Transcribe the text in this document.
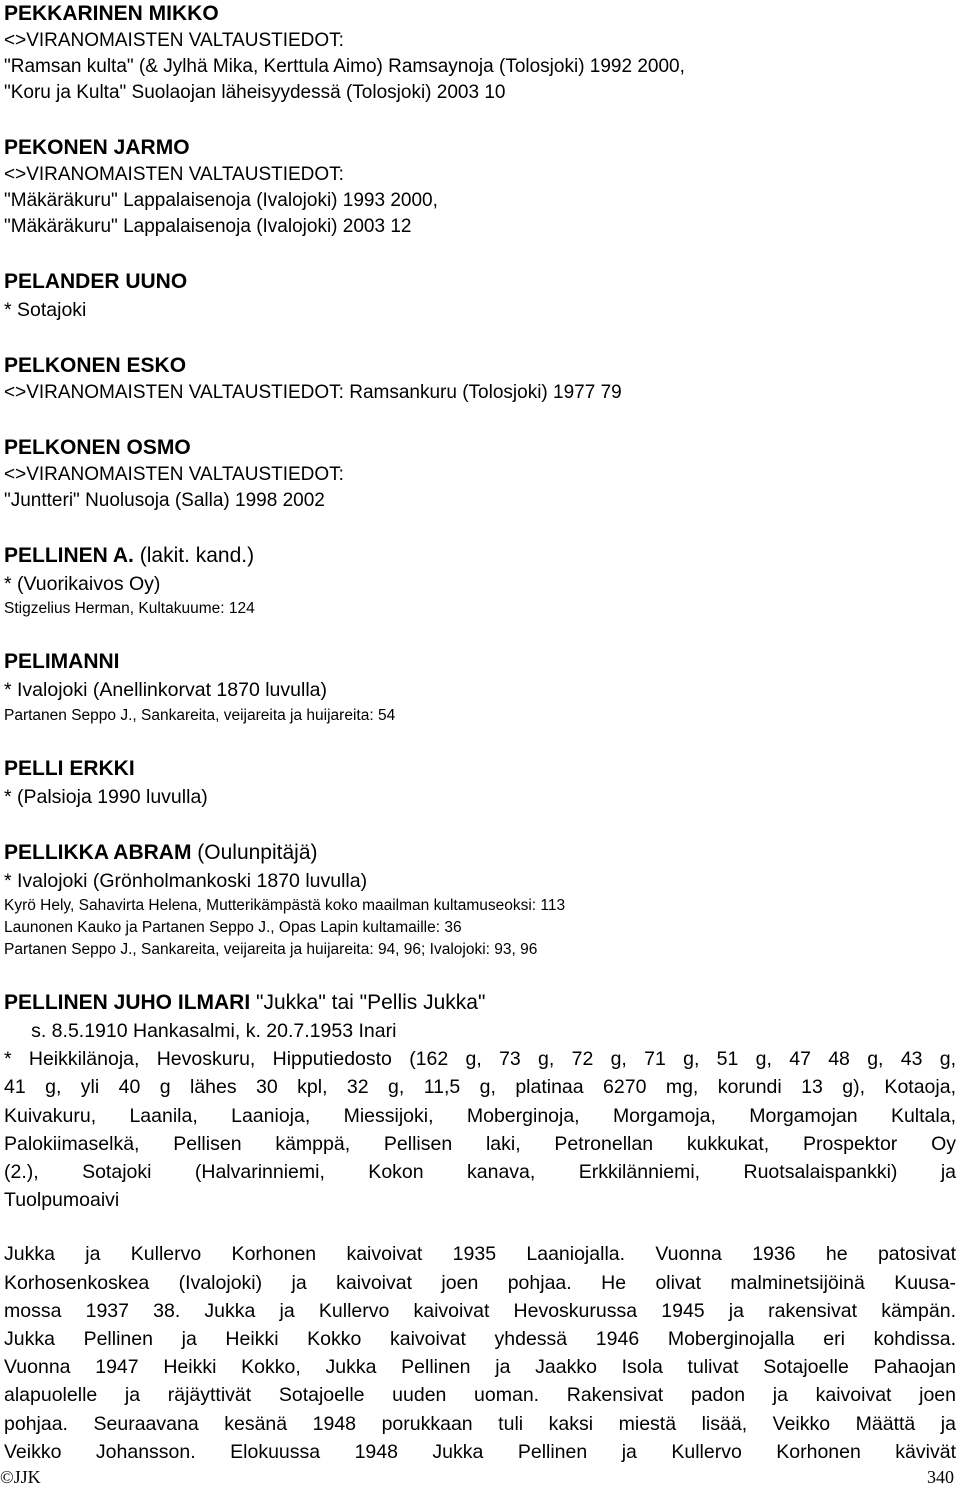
PEKKARINEN MIKKO
<>VIRANOMAISTEN VALTAUSTIEDOT:
"Ramsan kulta" (& Jylhä Mika, Kerttula Aimo) Ramsaynoja (Tolosjoki) 1992 2000,
"Koru ja Kulta" Suolaojan läheisyydessä (Tolosjoki) 2003 10
PEKONEN JARMO
<>VIRANOMAISTEN VALTAUSTIEDOT:
"Mäkäräkuru" Lappalaisenoja (Ivalojoki) 1993 2000,
"Mäkäräkuru" Lappalaisenoja (Ivalojoki) 2003 12
PELANDER UUNO
* Sotajoki
PELKONEN ESKO
<>VIRANOMAISTEN VALTAUSTIEDOT: Ramsankuru (Tolosjoki) 1977 79
PELKONEN OSMO
<>VIRANOMAISTEN VALTAUSTIEDOT:
"Juntteri" Nuolusoja (Salla) 1998 2002
PELLINEN A. (lakit. kand.)
* (Vuorikaivos Oy)
Stigzelius Herman, Kultakuume: 124
PELIMANNI
* Ivalojoki (Anellinkorvat 1870 luvulla)
Partanen Seppo J., Sankareita, veijareita ja huijareita: 54
PELLI ERKKI
* (Palsioja 1990 luvulla)
PELLIKKA ABRAM (Oulunpitäjä)
* Ivalojoki (Grönholmankoski 1870 luvulla)
Kyrö Hely, Sahavirta Helena, Mutterikämpästä koko maailman kultamuseoksi: 113
Launonen Kauko ja Partanen Seppo J., Opas Lapin kultamaille: 36
Partanen Seppo J., Sankareita, veijareita ja huijareita: 94, 96; Ivalojoki: 93, 96
PELLINEN JUHO ILMARI "Jukka" tai "Pellis Jukka"
s. 8.5.1910 Hankasalmi, k. 20.7.1953 Inari
* Heikkilänoja, Hevoskuru, Hipputiedosto (162 g, 73 g, 72 g, 71 g, 51 g, 47 48 g, 43 g,
41 g, yli 40 g lähes 30 kpl, 32 g, 11,5 g, platinaa 6270 mg, korundi 13 g), Kotaoja,
Kuivakuru, Laanila, Laanioja, Miessijoki, Moberginoja, Morgamoja, Morgamojan Kultala,
Palokiimaselkä, Pellisen kämppä, Pellisen laki, Petronellan kukkukat, Prospektor Oy
(2.), Sotajoki (Halvarinniemi, Kokon kanava, Erkkilänniemi, Ruotsalaispankki) ja
Tuolpumoaivi
Jukka ja Kullervo Korhonen kaivoivat 1935 Laaniojalla. Vuonna 1936 he patosivat
Korhosenkoskea (Ivalojoki) ja kaivoivat joen pohjaa. He olivat malminetsijöinä Kuusa-
mossa 1937 38. Jukka ja Kullervo kaivoivat Hevoskurussa 1945 ja rakensivat kämpän.
Jukka Pellinen ja Heikki Kokko kaivoivat yhdessä 1946 Moberginojalla eri kohdissa.
Vuonna 1947 Heikki Kokko, Jukka Pellinen ja Jaakko Isola tulivat Sotajoelle Pahaojan
alapuolelle ja räjäyttivät Sotajoelle uuden uoman. Rakensivat padon ja kaivoivat joen
pohjaa. Seuraavana kesänä 1948 porukkaan tuli kaksi miestä lisää, Veikko Määttä ja
Veikko Johansson. Elokuussa 1948 Jukka Pellinen ja Kullervo Korhonen kävivät
©JJK	340
